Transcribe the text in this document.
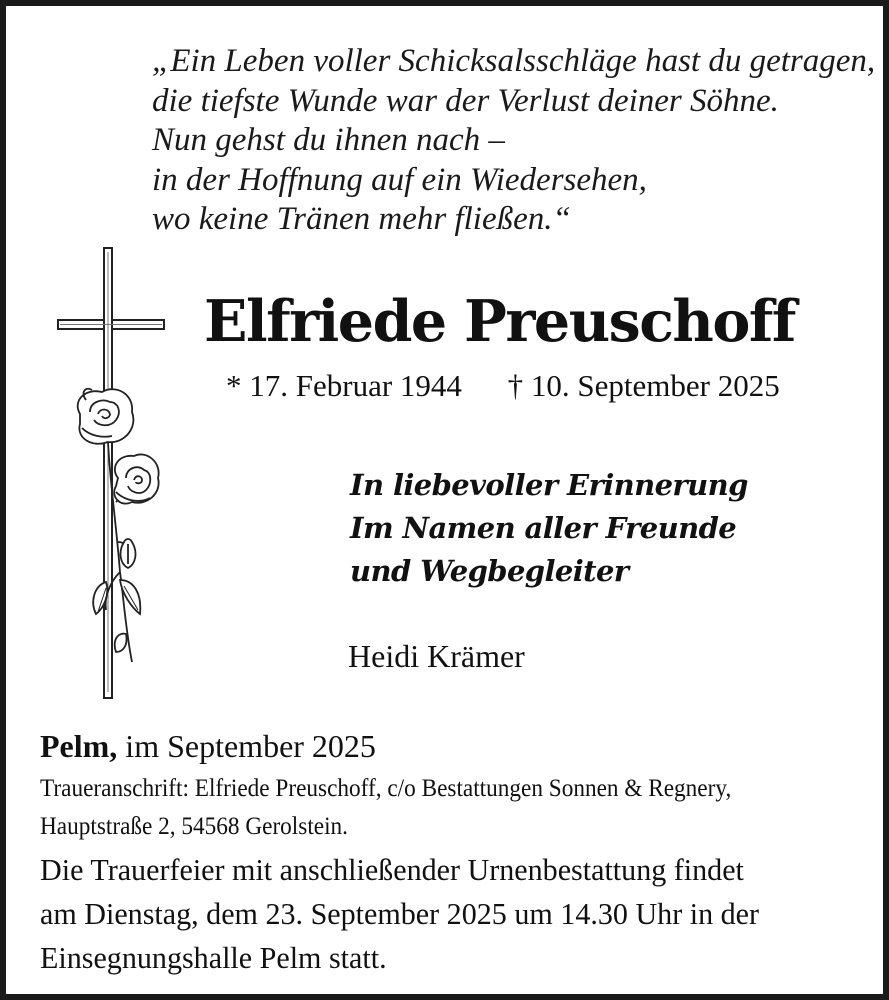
„Ein Leben voller Schicksalsschläge hast du getragen,
die tiefste Wunde war der Verlust deiner Söhne.
Nun gehst du ihnen nach –
in der Hoffnung auf ein Wiedersehen,
wo keine Tränen mehr fließen.“
Elfriede Preuschoff
* 17. Februar 1944 † 10. September 2025
In liebevoller Erinnerung
Im Namen aller Freunde
und Wegbegleiter
Heidi Krämer
Pelm, im September 2025
Traueranschrift: Elfriede Preuschoff, c/o Bestattungen Sonnen & Regnery,
Hauptstraße 2, 54568 Gerolstein.
Die Trauerfeier mit anschließender Urnenbestattung findet
am Dienstag, dem 23. September 2025 um 14.30 Uhr in der
Einsegnungshalle Pelm statt.
